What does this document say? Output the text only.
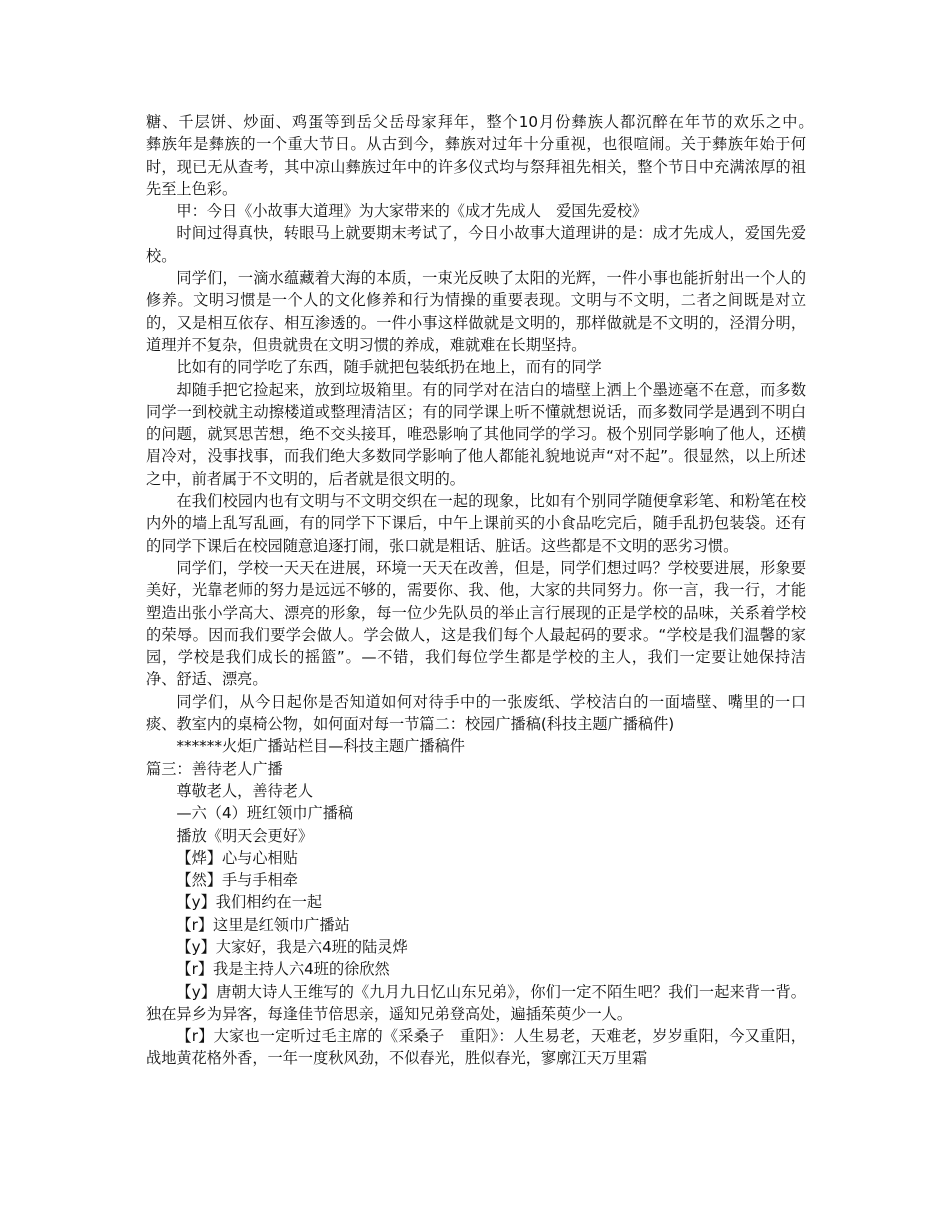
糖、千层饼、炒面、鸡蛋等到岳父岳母家拜年，整个10月份彝族人都沉醉在年节的欢乐之中。　　　彝族年是彝族的一个重大节日。从古到今，彝族对过年十分重视，也很喧闹。关于彝族年始于何时，现已无从查考，其中凉山彝族过年中的许多仪式均与祭拜祖先相关，整个节日中充满浓厚的祖先至上色彩。

甲：今日《小故事大道理》为大家带来的《成才先成人　爱国先爱校》

时间过得真快，转眼马上就要期末考试了，今日小故事大道理讲的是：成才先成人，爱国先爱校。

同学们，一滴水蕴藏着大海的本质，一束光反映了太阳的光辉，一件小事也能折射出一个人的修养。文明习惯是一个人的文化修养和行为情操的重要表现。文明与不文明，二者之间既是对立的，又是相互依存、相互渗透的。一件小事这样做就是文明的，那样做就是不文明的，泾渭分明，道理并不复杂，但贵就贵在文明习惯的养成，难就难在长期坚持。

比如有的同学吃了东西，随手就把包装纸扔在地上，而有的同学

却随手把它捡起来，放到垃圾箱里。有的同学对在洁白的墙壁上洒上个墨迹毫不在意，而多数同学一到校就主动擦楼道或整理清洁区；有的同学课上听不懂就想说话，而多数同学是遇到不明白的问题，就冥思苦想，绝不交头接耳，唯恐影响了其他同学的学习。极个别同学影响了他人，还横眉冷对，没事找事，而我们绝大多数同学影响了他人都能礼貌地说声“对不起”。很显然，以上所述之中，前者属于不文明的，后者就是很文明的。

在我们校园内也有文明与不文明交织在一起的现象，比如有个别同学随便拿彩笔、和粉笔在校内外的墙上乱写乱画，有的同学下下课后，中午上课前买的小食品吃完后，随手乱扔包装袋。还有的同学下课后在校园随意追逐打闹，张口就是粗话、脏话。这些都是不文明的恶劣习惯。

同学们，学校一天天在进展，环境一天天在改善，但是，同学们想过吗？学校要进展，形象要美好，光靠老师的努力是远远不够的，需要你、我、他，大家的共同努力。你一言，我一行，才能塑造出张小学高大、漂亮的形象，每一位少先队员的举止言行展现的正是学校的品味，关系着学校的荣辱。因而我们要学会做人。学会做人，这是我们每个人最起码的要求。“学校是我们温馨的家园，学校是我们成长的摇篮”。—不错，我们每位学生都是学校的主人，我们一定要让她保持洁净、舒适、漂亮。

同学们，从今日起你是否知道如何对待手中的一张废纸、学校洁白的一面墙壁、嘴里的一口痰、教室内的桌椅公物，如何面对每一节篇二：校园广播稿(科技主题广播稿件)

******火炬广播站栏目—科技主题广播稿件

篇三：善待老人广播

尊敬老人，善待老人

—六（4）班红领巾广播稿

播放《明天会更好》

【烨】心与心相贴

【然】手与手相牵

【y】我们相约在一起

【r】这里是红领巾广播站

【y】大家好，我是六4班的陆灵烨

【r】我是主持人六4班的徐欣然

【y】唐朝大诗人王维写的《九月九日忆山东兄弟》，你们一定不陌生吧？我们一起来背一背。独在异乡为异客，每逢佳节倍思亲，遥知兄弟登高处，遍插茱萸少一人。

【r】大家也一定听过毛主席的《采桑子　重阳》：人生易老，天难老，岁岁重阳，今又重阳，战地黄花格外香，一年一度秋风劲，不似春光，胜似春光，寥廓江天万里霜
